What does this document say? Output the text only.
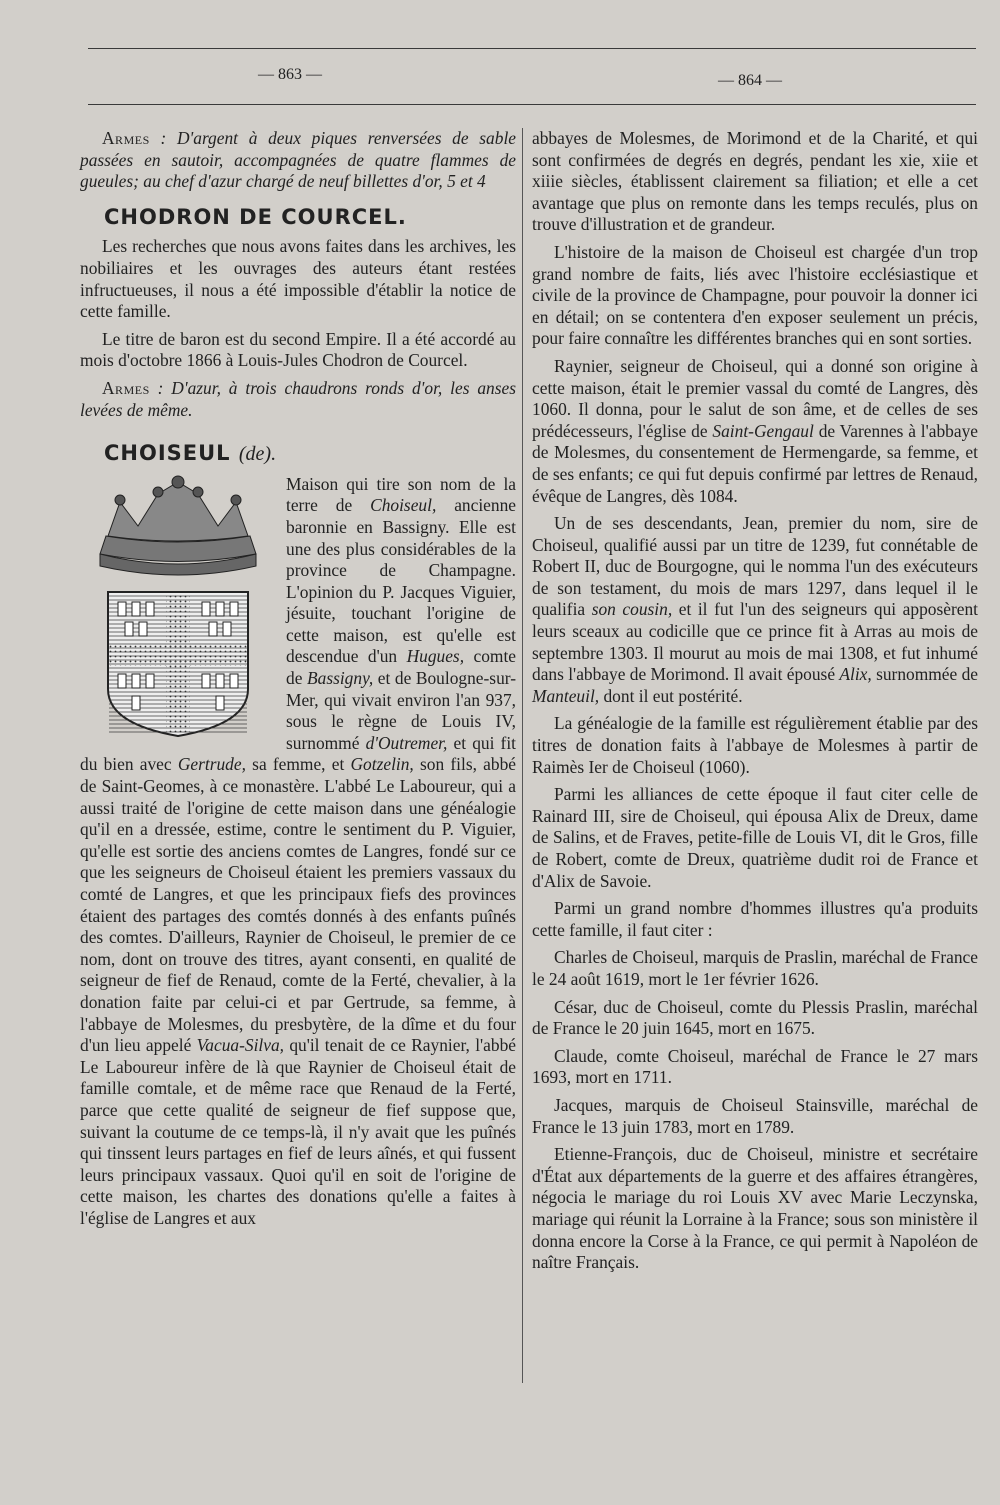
— 863 —	— 864 —

Armes : D'argent à deux piques renversées de sable passées en sautoir, accompagnées de quatre flammes de gueules; au chef d'azur chargé de neuf billettes d'or, 5 et 4

CHODRON DE COURCEL.

Les recherches que nous avons faites dans les archives, les nobiliaires et les ouvrages des auteurs étant restées infructueuses, il nous a été impossible d'établir la notice de cette famille.

Le titre de baron est du second Empire. Il a été accordé au mois d'octobre 1866 à Louis-Jules Chodron de Courcel.

Armes : D'azur, à trois chaudrons ronds d'or, les anses levées de même.

CHOISEUL (de).

Maison qui tire son nom de la terre de Choiseul, ancienne baronnie en Bassigny. Elle est une des plus considérables de la province de Champagne. L'opinion du P. Jacques Viguier, jésuite, touchant l'origine de cette maison, est qu'elle est descendue d'un Hugues, comte de Bassigny, et de Boulogne-sur-Mer, qui vivait environ l'an 937, sous le règne de Louis IV, surnommé d'Outremer, et qui fit du bien avec Gertrude, sa femme, et Gotzelin, son fils, abbé de Saint-Geomes, à ce monastère. L'abbé Le Laboureur, qui a aussi traité de l'origine de cette maison dans une généalogie qu'il en a dressée, estime, contre le sentiment du P. Viguier, qu'elle est sortie des anciens comtes de Langres, fondé sur ce que les seigneurs de Choiseul étaient les premiers vassaux du comté de Langres, et que les principaux fiefs des provinces étaient des partages des comtés donnés à des enfants puînés des comtes. D'ailleurs, Raynier de Choiseul, le premier de ce nom, dont on trouve des titres, ayant consenti, en qualité de seigneur de fief de Renaud, comte de la Ferté, chevalier, à la donation faite par celui-ci et par Gertrude, sa femme, à l'abbaye de Molesmes, du presbytère, de la dîme et du four d'un lieu appelé Vacua-Silva, qu'il tenait de ce Raynier, l'abbé Le Laboureur infère de là que Raynier de Choiseul était de famille comtale, et de même race que Renaud de la Ferté, parce que cette qualité de seigneur de fief suppose que, suivant la coutume de ce temps-là, il n'y avait que les puînés qui tinssent leurs partages en fief de leurs aînés, et qui fussent leurs principaux vassaux. Quoi qu'il en soit de l'origine de cette maison, les chartes des donations qu'elle a faites à l'église de Langres et aux

abbayes de Molesmes, de Morimond et de la Charité, et qui sont confirmées de degrés en degrés, pendant les xie, xiie et xiiie siècles, établissent clairement sa filiation; et elle a cet avantage que plus on remonte dans les temps reculés, plus on trouve d'illustration et de grandeur.

L'histoire de la maison de Choiseul est chargée d'un trop grand nombre de faits, liés avec l'histoire ecclésiastique et civile de la province de Champagne, pour pouvoir la donner ici en détail; on se contentera d'en exposer seulement un précis, pour faire connaître les différentes branches qui en sont sorties.

Raynier, seigneur de Choiseul, qui a donné son origine à cette maison, était le premier vassal du comté de Langres, dès 1060. Il donna, pour le salut de son âme, et de celles de ses prédécesseurs, l'église de Saint-Gengaul de Varennes à l'abbaye de Molesmes, du consentement de Hermengarde, sa femme, et de ses enfants; ce qui fut depuis confirmé par lettres de Renaud, évêque de Langres, dès 1084.

Un de ses descendants, Jean, premier du nom, sire de Choiseul, qualifié aussi par un titre de 1239, fut connétable de Robert II, duc de Bourgogne, qui le nomma l'un des exécuteurs de son testament, du mois de mars 1297, dans lequel il le qualifia son cousin, et il fut l'un des seigneurs qui apposèrent leurs sceaux au codicille que ce prince fit à Arras au mois de septembre 1303. Il mourut au mois de mai 1308, et fut inhumé dans l'abbaye de Morimond. Il avait épousé Alix, surnommée de Manteuil, dont il eut postérité.

La généalogie de la famille est régulièrement établie par des titres de donation faits à l'abbaye de Molesmes à partir de Raimès Ier de Choiseul (1060).

Parmi les alliances de cette époque il faut citer celle de Rainard III, sire de Choiseul, qui épousa Alix de Dreux, dame de Salins, et de Fraves, petite-fille de Louis VI, dit le Gros, fille de Robert, comte de Dreux, quatrième dudit roi de France et d'Alix de Savoie.

Parmi un grand nombre d'hommes illustres qu'a produits cette famille, il faut citer :

Charles de Choiseul, marquis de Praslin, maréchal de France le 24 août 1619, mort le 1er février 1626.

César, duc de Choiseul, comte du Plessis Praslin, maréchal de France le 20 juin 1645, mort en 1675.

Claude, comte Choiseul, maréchal de France le 27 mars 1693, mort en 1711.

Jacques, marquis de Choiseul Stainsville, maréchal de France le 13 juin 1783, mort en 1789.

Etienne-François, duc de Choiseul, ministre et secrétaire d'État aux départements de la guerre et des affaires étrangères, négocia le mariage du roi Louis XV avec Marie Leczynska, mariage qui réunit la Lorraine à la France; sous son ministère il donna encore la Corse à la France, ce qui permit à Napoléon de naître Français.
